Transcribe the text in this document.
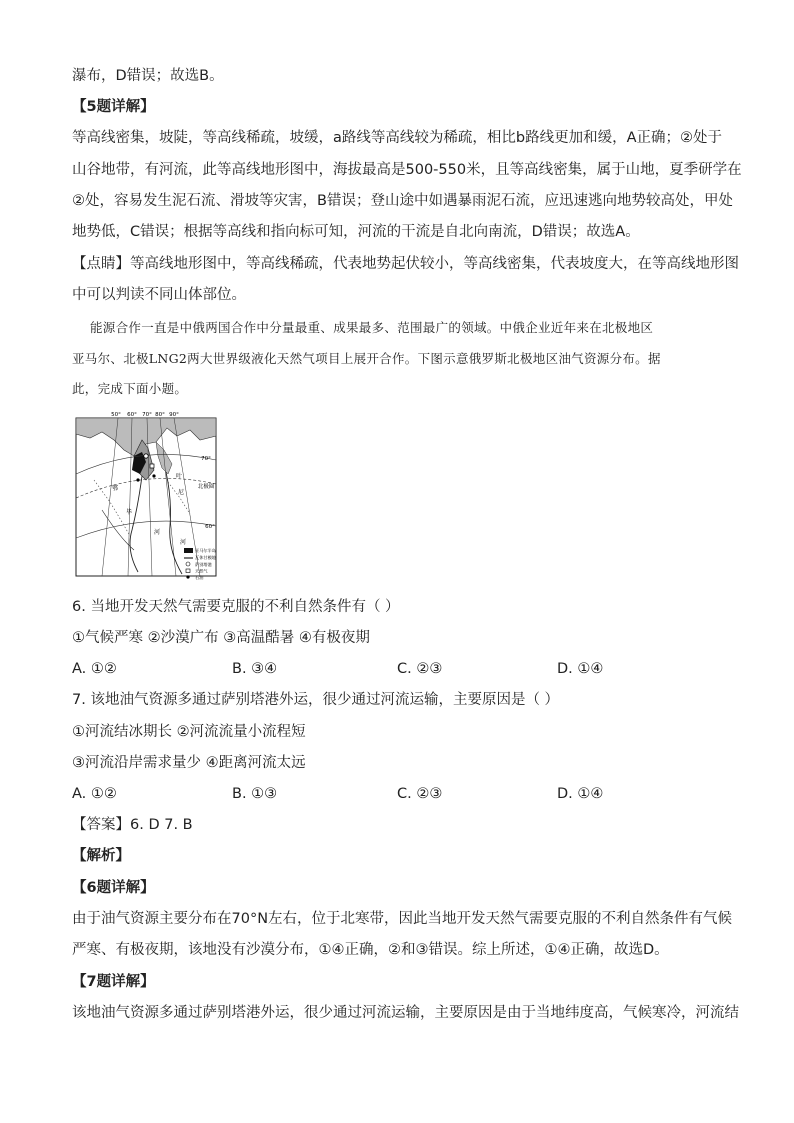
瀑布，D错误；故选B。
【5题详解】
等高线密集，坡陡，等高线稀疏，坡缓，a路线等高线较为稀疏，相比b路线更加和缓，A正确；②处于
山谷地带，有河流，此等高线地形图中，海拔最高是500-550米，且等高线密集，属于山地，夏季研学在
②处，容易发生泥石流、滑坡等灾害，B错误；登山途中如遇暴雨泥石流，应迅速逃向地势较高处，甲处
地势低，C错误；根据等高线和指向标可知，河流的干流是自北向南流，D错误；故选A。
【点睛】等高线地形图中，等高线稀疏，代表地势起伏较小，等高线密集，代表坡度大，在等高线地形图
中可以判读不同山体部位。
能源合作一直是中俄两国合作中分量最重、成果最多、范围最广的领域。中俄企业近年来在北极地区
亚马尔、北极LNG2两大世界级液化天然气项目上展开合作。下图示意俄罗斯北极地区油气资源分布。据
此，完成下面小题。
50° 60° 70° 80° 90°
70°
北极圈
60°
叶
尼
鄂
毕
河
河
亚马尔半岛
瓦休甘模地
萨别塔港
天然气
石油
6. 当地开发天然气需要克服的不利自然条件有（ ）
①气候严寒 ②沙漠广布 ③高温酷暑 ④有极夜期
A. ①②	B. ③④	C. ②③	D. ①④
7. 该地油气资源多通过萨别塔港外运，很少通过河流运输，主要原因是（ ）
①河流结冰期长 ②河流流量小流程短
③河流沿岸需求量少 ④距离河流太远
A. ①②	B. ①③	C. ②③	D. ①④
【答案】6. D 7. B
【解析】
【6题详解】
由于油气资源主要分布在70°N左右，位于北寒带，因此当地开发天然气需要克服的不利自然条件有气候
严寒、有极夜期，该地没有沙漠分布，①④正确，②和③错误。综上所述，①④正确，故选D。
【7题详解】
该地油气资源多通过萨别塔港外运，很少通过河流运输，主要原因是由于当地纬度高，气候寒冷，河流结
